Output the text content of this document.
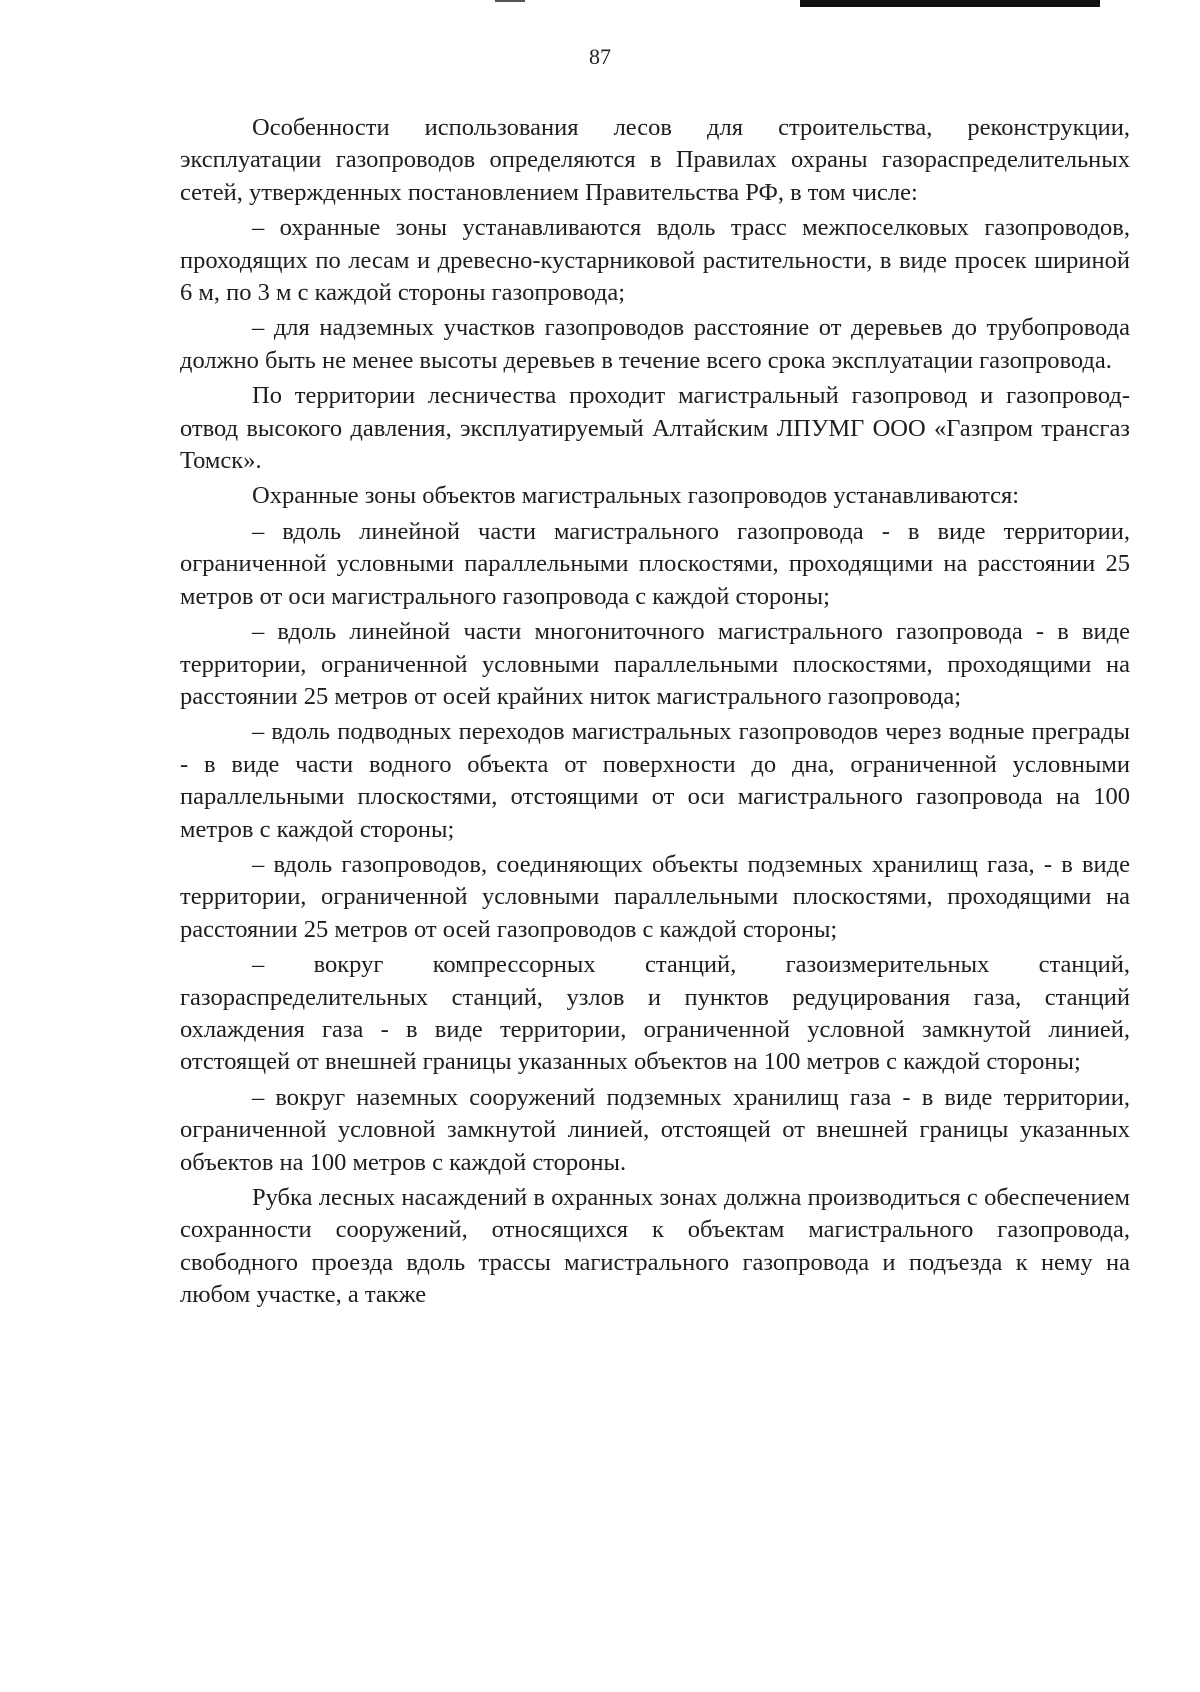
87

Особенности использования лесов для строительства, реконструкции, эксплуатации газопроводов определяются в Правилах охраны газораспределительных сетей, утвержденных постановлением Правительства РФ, в том числе:

– охранные зоны устанавливаются вдоль трасс межпоселковых газопроводов, проходящих по лесам и древесно-кустарниковой растительности, в виде просек шириной 6 м, по 3 м с каждой стороны газопровода;

– для надземных участков газопроводов расстояние от деревьев до трубопровода должно быть не менее высоты деревьев в течение всего срока эксплуатации газопровода.

По территории лесничества проходит магистральный газопровод и газопровод-отвод высокого давления, эксплуатируемый Алтайским ЛПУМГ ООО «Газпром трансгаз Томск».

Охранные зоны объектов магистральных газопроводов устанавливаются:

– вдоль линейной части магистрального газопровода - в виде территории, ограниченной условными параллельными плоскостями, проходящими на расстоянии 25 метров от оси магистрального газопровода с каждой стороны;

– вдоль линейной части многониточного магистрального газопровода - в виде территории, ограниченной условными параллельными плоскостями, проходящими на расстоянии 25 метров от осей крайних ниток магистрального газопровода;

– вдоль подводных переходов магистральных газопроводов через водные преграды - в виде части водного объекта от поверхности до дна, ограниченной условными параллельными плоскостями, отстоящими от оси магистрального газопровода на 100 метров с каждой стороны;

– вдоль газопроводов, соединяющих объекты подземных хранилищ газа, - в виде территории, ограниченной условными параллельными плоскостями, проходящими на расстоянии 25 метров от осей газопроводов с каждой стороны;

– вокруг компрессорных станций, газоизмерительных станций, газораспределительных станций, узлов и пунктов редуцирования газа, станций охлаждения газа - в виде территории, ограниченной условной замкнутой линией, отстоящей от внешней границы указанных объектов на 100 метров с каждой стороны;

– вокруг наземных сооружений подземных хранилищ газа - в виде территории, ограниченной условной замкнутой линией, отстоящей от внешней границы указанных объектов на 100 метров с каждой стороны.

Рубка лесных насаждений в охранных зонах должна производиться с обеспечением сохранности сооружений, относящихся к объектам магистрального газопровода, свободного проезда вдоль трассы магистрального газопровода и подъезда к нему на любом участке, а также
